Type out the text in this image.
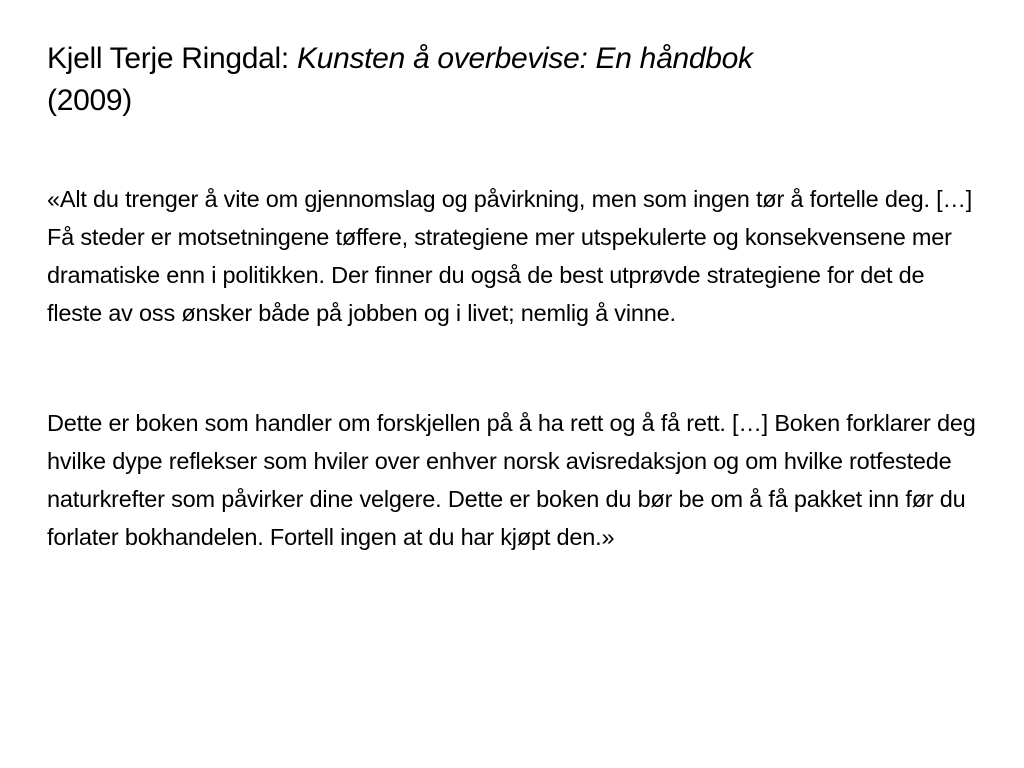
Kjell Terje Ringdal: Kunsten å overbevise: En håndbok
(2009)

«Alt du trenger å vite om gjennomslag og påvirkning, men som ingen tør å fortelle deg. […] Få steder er motsetningene tøffere, strategiene mer utspekulerte og konsekvensene mer dramatiske enn i politikken. Der finner du også de best utprøvde strategiene for det de fleste av oss ønsker både på jobben og i livet; nemlig å vinne.

Dette er boken som handler om forskjellen på å ha rett og å få rett. […] Boken forklarer deg hvilke dype reflekser som hviler over enhver norsk avisredaksjon og om hvilke rotfestede naturkrefter som påvirker dine velgere. Dette er boken du bør be om å få pakket inn før du forlater bokhandelen. Fortell ingen at du har kjøpt den.»
